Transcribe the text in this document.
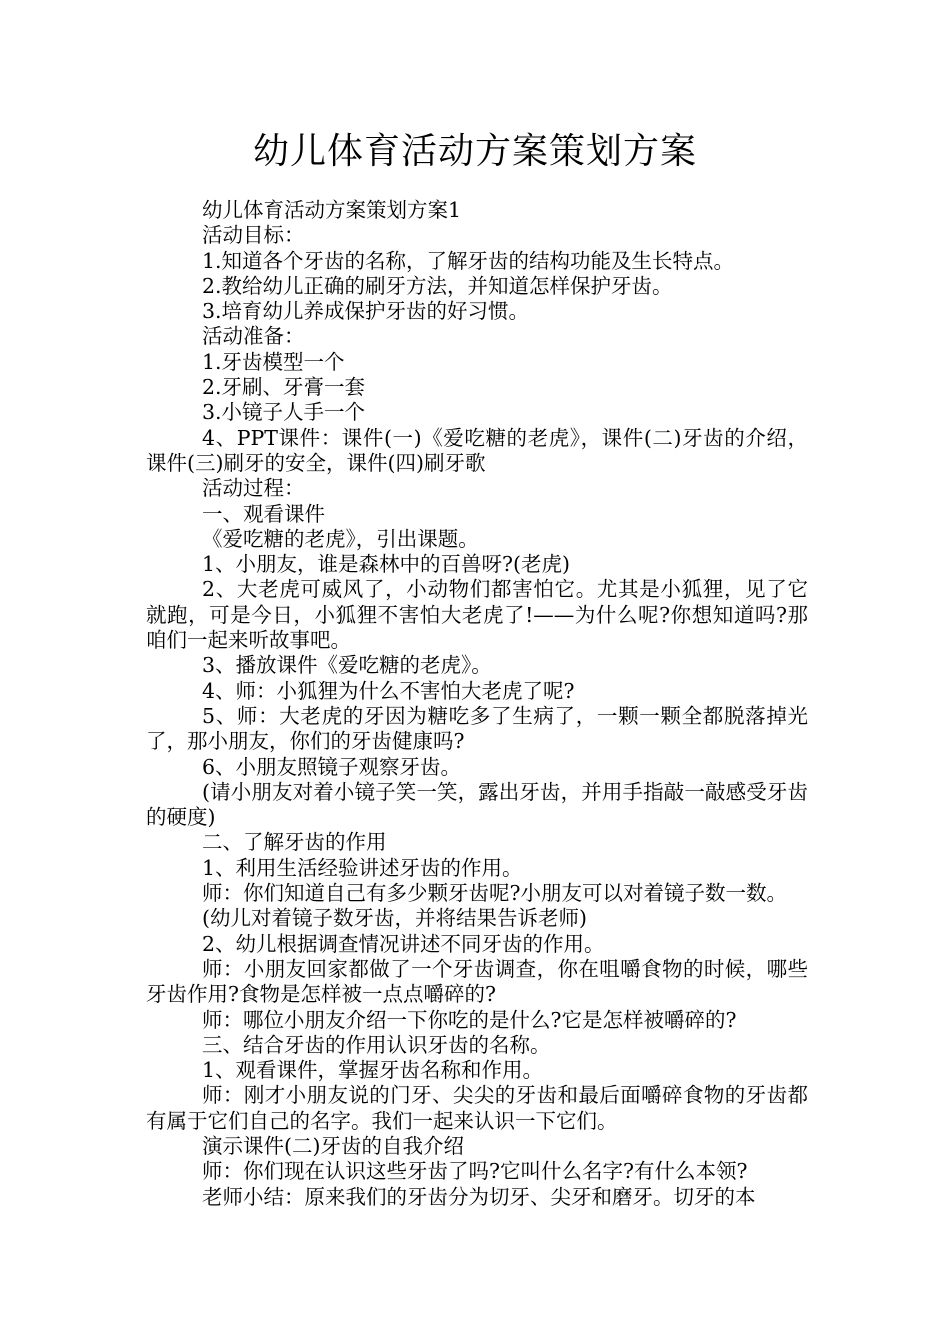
幼儿体育活动方案策划方案

幼儿体育活动方案策划方案1

活动目标：

1.知道各个牙齿的名称，了解牙齿的结构功能及生长特点。

2.教给幼儿正确的刷牙方法，并知道怎样保护牙齿。

3.培育幼儿养成保护牙齿的好习惯。

活动准备：

1.牙齿模型一个

2.牙刷、牙膏一套

3.小镜子人手一个

4、PPT课件：课件(一)《爱吃糖的老虎》，课件(二)牙齿的介绍，课件(三)刷牙的安全，课件(四)刷牙歌

活动过程：

一、观看课件

《爱吃糖的老虎》，引出课题。

1、小朋友，谁是森林中的百兽呀?(老虎)

2、大老虎可威风了，小动物们都害怕它。尤其是小狐狸，见了它就跑，可是今日，小狐狸不害怕大老虎了!——为什么呢?你想知道吗?那咱们一起来听故事吧。

3、播放课件《爱吃糖的老虎》。

4、师：小狐狸为什么不害怕大老虎了呢?

5、师：大老虎的牙因为糖吃多了生病了，一颗一颗全都脱落掉光了，那小朋友，你们的牙齿健康吗?

6、小朋友照镜子观察牙齿。

(请小朋友对着小镜子笑一笑，露出牙齿，并用手指敲一敲感受牙齿的硬度)

二、了解牙齿的作用

1、利用生活经验讲述牙齿的作用。

师：你们知道自己有多少颗牙齿呢?小朋友可以对着镜子数一数。

(幼儿对着镜子数牙齿，并将结果告诉老师)

2、幼儿根据调查情况讲述不同牙齿的作用。

师：小朋友回家都做了一个牙齿调查，你在咀嚼食物的时候，哪些牙齿作用?食物是怎样被一点点嚼碎的?

师：哪位小朋友介绍一下你吃的是什么?它是怎样被嚼碎的?

三、结合牙齿的作用认识牙齿的名称。

1、观看课件，掌握牙齿名称和作用。

师：刚才小朋友说的门牙、尖尖的牙齿和最后面嚼碎食物的牙齿都有属于它们自己的名字。我们一起来认识一下它们。

演示课件(二)牙齿的自我介绍

师：你们现在认识这些牙齿了吗?它叫什么名字?有什么本领?

老师小结：原来我们的牙齿分为切牙、尖牙和磨牙。切牙的本
